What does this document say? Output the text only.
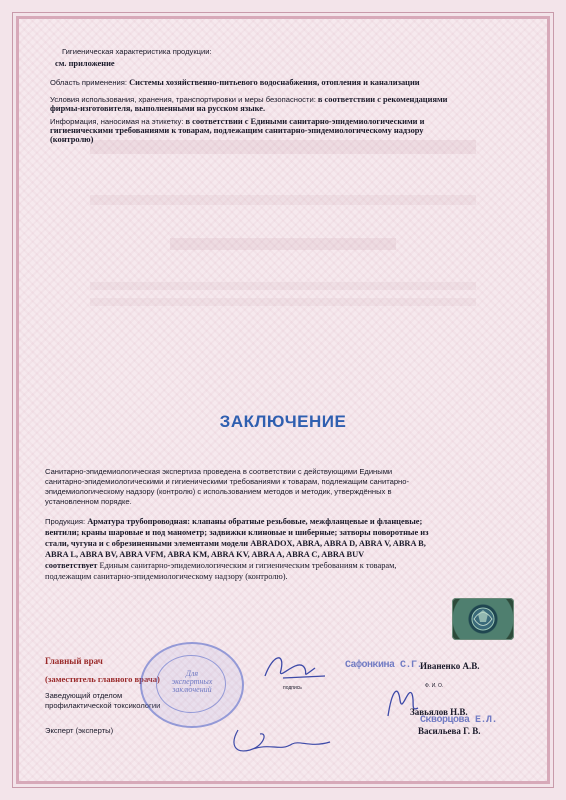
Гигиеническая характеристика продукции:
см. приложение
Область применения: Системы хозяйственно-питьевого водоснабжения, отопления и канализации
Условия использования, хранения, транспортировки и меры безопасности: в соответствии с рекомендациями
фирмы-изготовителя, выполненными на русском языке.
Информация, наносимая на этикетку: в соответствии с Едиными санитарно-эпидемиологическими и
гигиеническими требованиями к товарам, подлежащим санитарно-эпидемиологическому надзору
(контролю)
ЗАКЛЮЧЕНИЕ
Санитарно-эпидемиологическая экспертиза проведена в соответствии с действующими Едиными
санитарно-эпидемиологическими и гигиеническими требованиями к товарам, подлежащим санитарно-
эпидемиологическому надзору (контролю) с использованием методов и методик, утверждённых в
установленном порядке.
Продукция: Арматура трубопроводная: клапаны обратные резьбовые, межфланцевые и фланцевые;
вентили; краны шаровые и под манометр; задвижки клиновые и шиберные; затворы поворотные из
стали, чугуна и с обрезиненными элементами модели ABRADOX, ABRA, ABRA D, ABRA V, ABRA B,
ABRA L, ABRA BV, ABRA VFM, ABRA KM, ABRA KV, ABRA A, ABRA C, ABRA BUV
соответствует Единым санитарно-эпидемиологическим и гигиеническим требованиям к товарам,
подлежащим санитарно-эпидемиологическому надзору (контролю).
Главный врач
(заместитель главного врача)
Заведующий отделом
профилактической токсикологии
Эксперт (эксперты)
Для
экспертных
заключений	подпись
Сафонкина С.Г.
Скворцова Е.Л.
Иваненко А.В.
Ф. И. О.
Завьялов Н.В.
Васильева Г. В.
